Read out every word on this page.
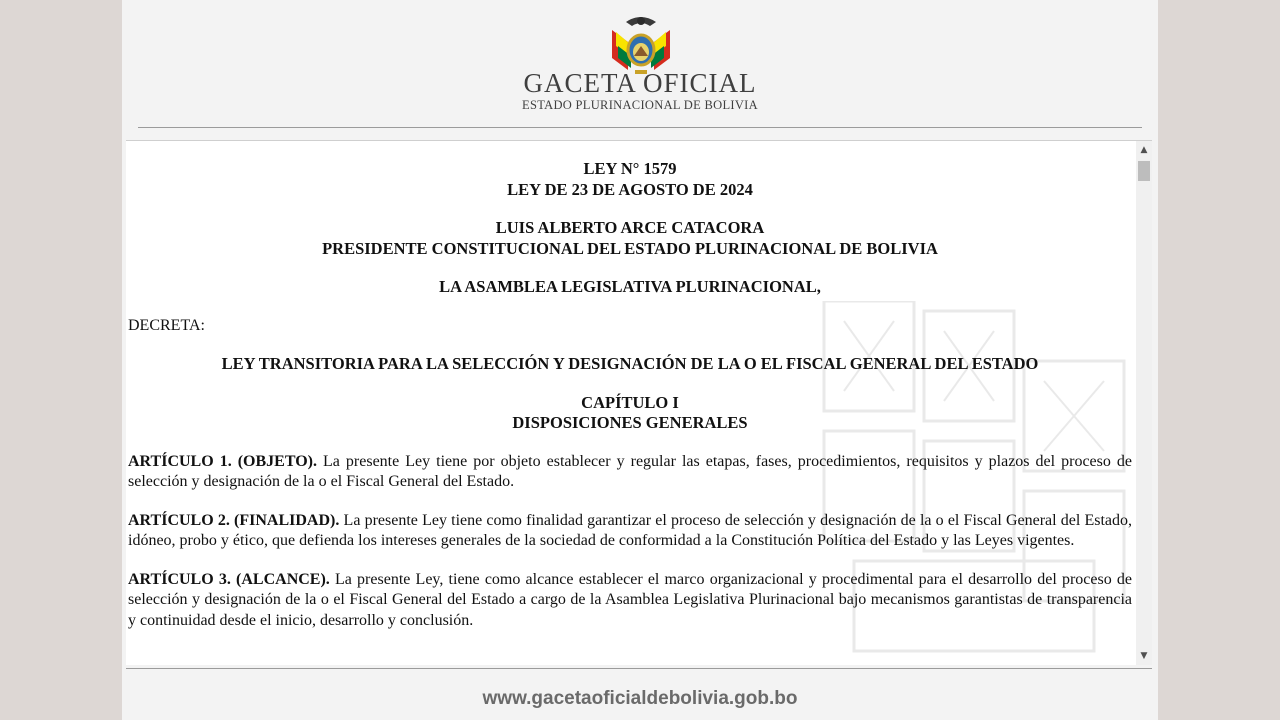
GACETA OFICIAL
ESTADO PLURINACIONAL DE BOLIVIA
LEY N° 1579
LEY DE 23 DE AGOSTO DE 2024
LUIS ALBERTO ARCE CATACORA
PRESIDENTE CONSTITUCIONAL DEL ESTADO PLURINACIONAL DE BOLIVIA
LA ASAMBLEA LEGISLATIVA PLURINACIONAL,
DECRETA:
LEY TRANSITORIA PARA LA SELECCIÓN Y DESIGNACIÓN DE LA O EL FISCAL GENERAL DEL ESTADO
CAPÍTULO I
DISPOSICIONES GENERALES

ARTÍCULO 1. (OBJETO). La presente Ley tiene por objeto establecer y regular las etapas, fases, procedimientos, requisitos y plazos del proceso de selección y designación de la o el Fiscal General del Estado.

ARTÍCULO 2. (FINALIDAD). La presente Ley tiene como finalidad garantizar el proceso de selección y designación de la o el Fiscal General del Estado, idóneo, probo y ético, que defienda los intereses generales de la sociedad de conformidad a la Constitución Política del Estado y las Leyes vigentes.

ARTÍCULO 3. (ALCANCE). La presente Ley, tiene como alcance establecer el marco organizacional y procedimental para el desarrollo del proceso de selección y designación de la o el Fiscal General del Estado a cargo de la Asamblea Legislativa Plurinacional bajo mecanismos garantistas de transparencia y continuidad desde el inicio, desarrollo y conclusión.

▲
▼
www.gacetaoficialdebolivia.gob.bo
